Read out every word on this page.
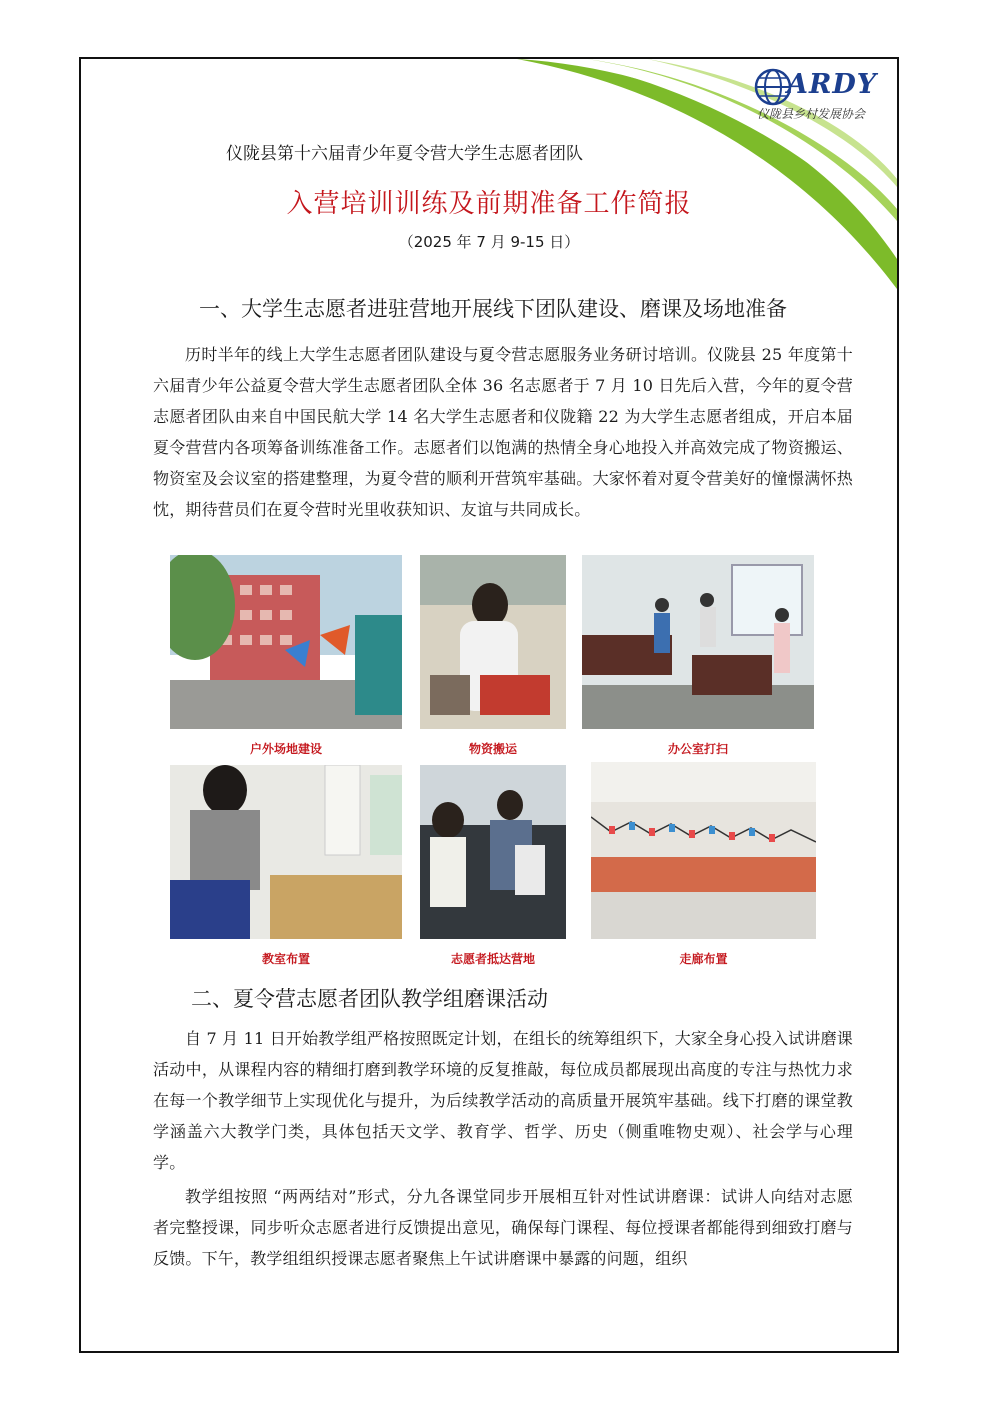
ARDY
仪陇县乡村发展协会
仪陇县第十六届青少年夏令营大学生志愿者团队
入营培训训练及前期准备工作简报
（2025 年 7 月 9-15 日）
一、大学生志愿者进驻营地开展线下团队建设、磨课及场地准备
历时半年的线上大学生志愿者团队建设与夏令营志愿服务业务研讨培训。仪陇县 25 年度第十六届青少年公益夏令营大学生志愿者团队全体 36 名志愿者于 7 月 10 日先后入营，今年的夏令营志愿者团队由来自中国民航大学 14 名大学生志愿者和仪陇籍 22 为大学生志愿者组成，开启本届夏令营营内各项筹备训练准备工作。志愿者们以饱满的热情全身心地投入并高效完成了物资搬运、物资室及会议室的搭建整理，为夏令营的顺利开营筑牢基础。大家怀着对夏令营美好的憧憬满怀热忱，期待营员们在夏令营时光里收获知识、友谊与共同成长。
户外场地建设	物资搬运	办公室打扫
教室布置	志愿者抵达营地	走廊布置
二、夏令营志愿者团队教学组磨课活动
自 7 月 11 日开始教学组严格按照既定计划，在组长的统筹组织下，大家全身心投入试讲磨课活动中，从课程内容的精细打磨到教学环境的反复推敲，每位成员都展现出高度的专注与热忱力求在每一个教学细节上实现优化与提升，为后续教学活动的高质量开展筑牢基础。线下打磨的课堂教学涵盖六大教学门类，具体包括天文学、教育学、哲学、历史（侧重唯物史观）、社会学与心理学。
教学组按照 “两两结对”形式，分九各课堂同步开展相互针对性试讲磨课：试讲人向结对志愿者完整授课，同步听众志愿者进行反馈提出意见，确保每门课程、每位授课者都能得到细致打磨与反馈。下午，教学组组织授课志愿者聚焦上午试讲磨课中暴露的问题，组织
